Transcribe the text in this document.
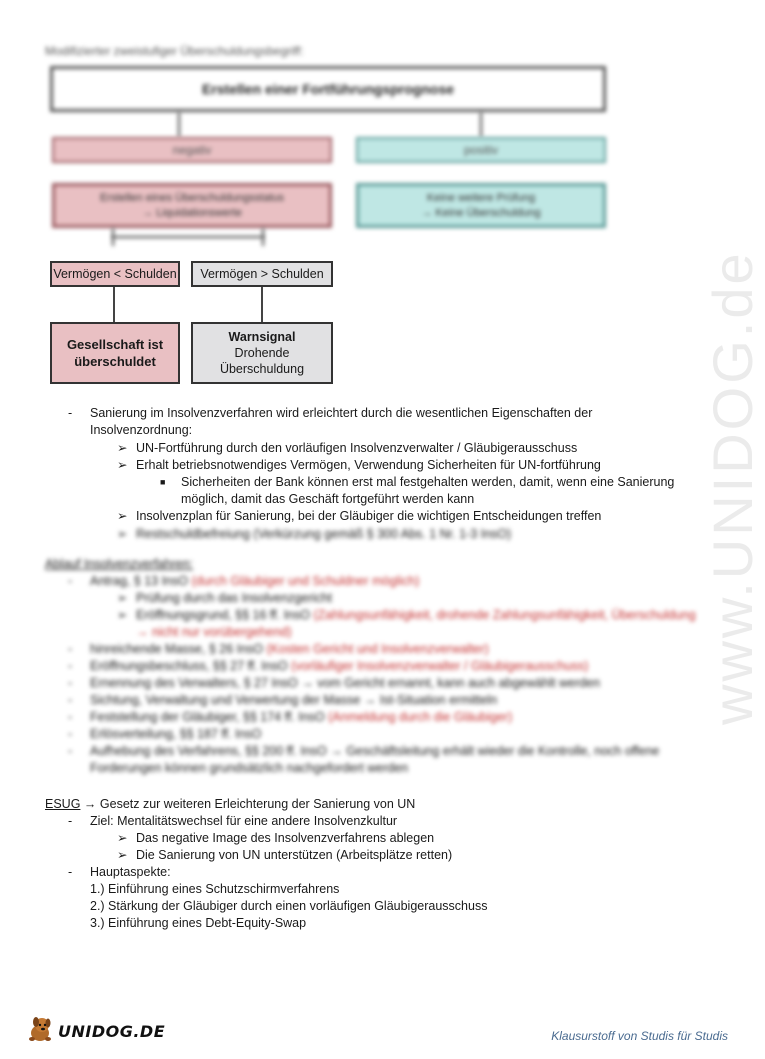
Modifizierter zweistufiger Überschuldungsbegriff:
Erstellen einer Fortführungsprognose
negativ	positiv
Erstellen eines Überschuldungsstatus
→ Liquidationswerte
Keine weitere Prüfung
→ Keine Überschuldung
Vermögen < Schulden Vermögen > Schulden
Gesellschaft ist
überschuldet
Warnsignal
Drohende
Überschuldung
- Sanierung im Insolvenzverfahren wird erleichtert durch die wesentlichen Eigenschaften der
Insolvenzordnung:
➢ UN-Fortführung durch den vorläufigen Insolvenzverwalter / Gläubigerausschuss
➢ Erhalt betriebsnotwendiges Vermögen, Verwendung Sicherheiten für UN-fortführung
■ Sicherheiten der Bank können erst mal festgehalten werden, damit, wenn eine Sanierung
möglich, damit das Geschäft fortgeführt werden kann
➢ Insolvenzplan für Sanierung, bei der Gläubiger die wichtigen Entscheidungen treffen
➢ Restschuldbefreiung (Verkürzung gemäß § 300 Abs. 1 Nr. 1-3 InsO)
Ablauf Insolvenzverfahren:
- Antrag, § 13 InsO (durch Gläubiger und Schuldner möglich)
➢ Prüfung durch das Insolvenzgericht
➢ Eröffnungsgrund, §§ 16 ff. InsO (Zahlungsunfähigkeit, drohende Zahlungsunfähigkeit, Überschuldung
→ nicht nur vorübergehend)
- hinreichende Masse, § 26 InsO (Kosten Gericht und Insolvenzverwalter)
- Eröffnungsbeschluss, §§ 27 ff. InsO (vorläufiger Insolvenzverwalter / Gläubigerausschuss)
- Ernennung des Verwalters, § 27 InsO → vom Gericht ernannt, kann auch abgewählt werden
- Sichtung, Verwaltung und Verwertung der Masse → Ist-Situation ermitteln
- Feststellung der Gläubiger, §§ 174 ff. InsO (Anmeldung durch die Gläubiger)
- Erlösverteilung, §§ 187 ff. InsO
- Aufhebung des Verfahrens, §§ 200 ff. InsO → Geschäftsleitung erhält wieder die Kontrolle, noch offene
Forderungen können grundsätzlich nachgefordert werden
ESUG → Gesetz zur weiteren Erleichterung der Sanierung von UN
- Ziel: Mentalitätswechsel für eine andere Insolvenzkultur
➢ Das negative Image des Insolvenzverfahrens ablegen
➢ Die Sanierung von UN unterstützen (Arbeitsplätze retten)
- Hauptaspekte:
1.) Einführung eines Schutzschirmverfahrens
2.) Stärkung der Gläubiger durch einen vorläufigen Gläubigerausschuss
3.) Einführung eines Debt-Equity-Swap
www.UNIDOG.de
UNIDOG.DE	Klausurstoff von Studis für Studis
